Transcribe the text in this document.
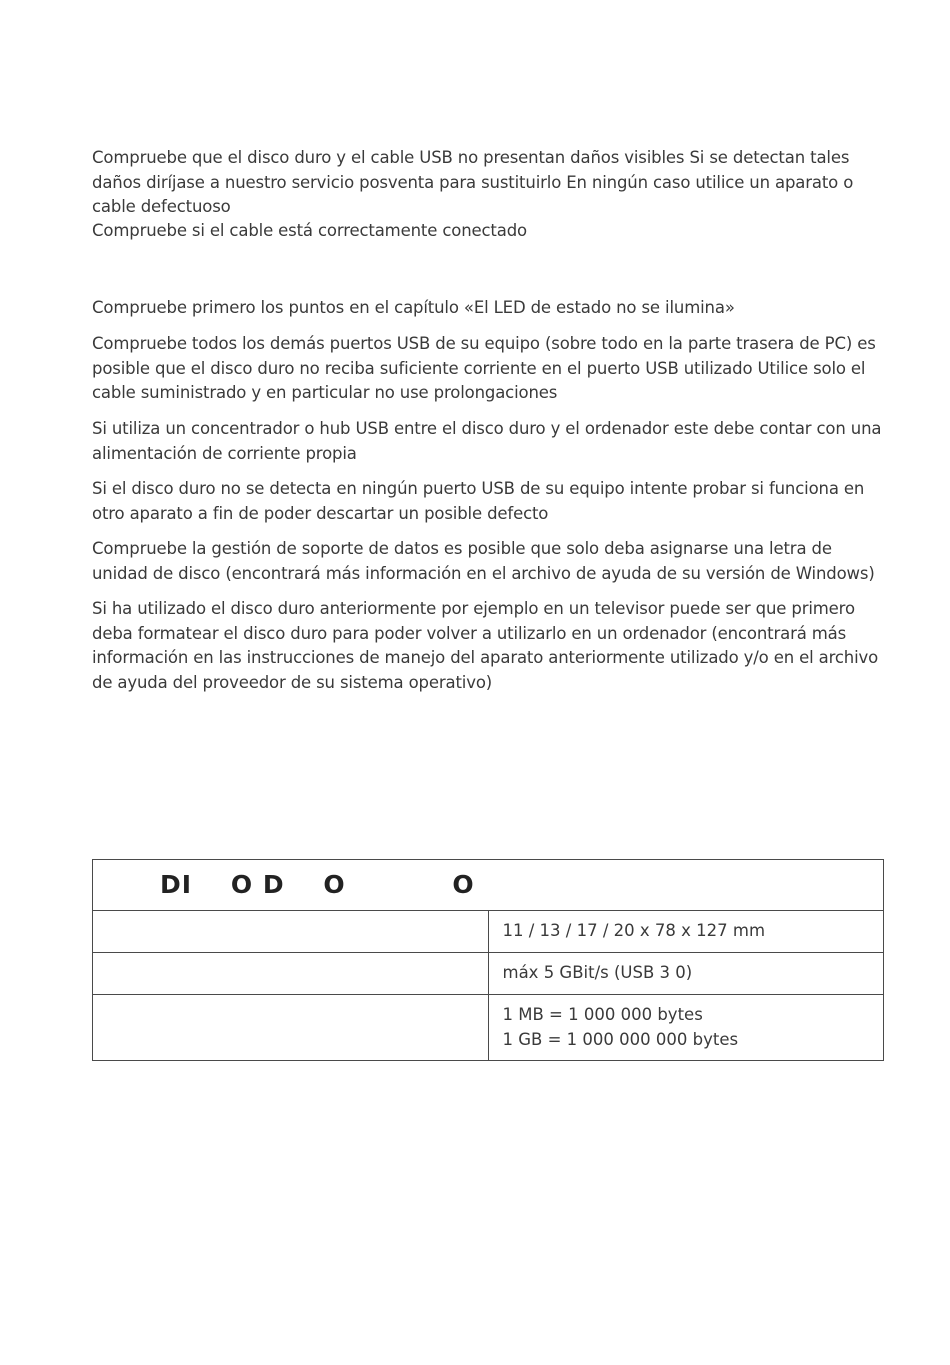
Compruebe que el disco duro y el cable USB no presentan daños visibles Si se detectan tales daños diríjase a nuestro servicio posventa para sustituirlo En ningún caso utilice un aparato o cable defectuoso

Compruebe si el cable está correctamente conectado

Compruebe primero los puntos en el capítulo «El LED de estado no se ilumina»

Compruebe todos los demás puertos USB de su equipo (sobre todo en la parte trasera de PC) es posible que el disco duro no reciba suficiente corriente en el puerto USB utilizado Utilice solo el cable suministrado y en particular no use prolongaciones

Si utiliza un concentrador o hub USB entre el disco duro y el ordenador este debe contar con una alimentación de corriente propia

Si el disco duro no se detecta en ningún puerto USB de su equipo intente probar si funciona en otro aparato a fin de poder descartar un posible defecto

Compruebe la gestión de soporte de datos es posible que solo deba asignarse una letra de unidad de disco (encontrará más información en el archivo de ayuda de su versión de Windows)

Si ha utilizado el disco duro anteriormente por ejemplo en un televisor puede ser que primero deba formatear el disco duro para poder volver a utilizarlo en un ordenador (encontrará más información en las instrucciones de manejo del aparato anteriormente utilizado y/o en el archivo de ayuda del proveedor de su sistema operativo)

DI    O D    O           O	

	11 / 13 / 17 / 20 x 78 x 127 mm

	máx 5 GBit/s (USB 3 0)

	1 MB = 1 000 000 bytes
1 GB = 1 000 000 000 bytes
